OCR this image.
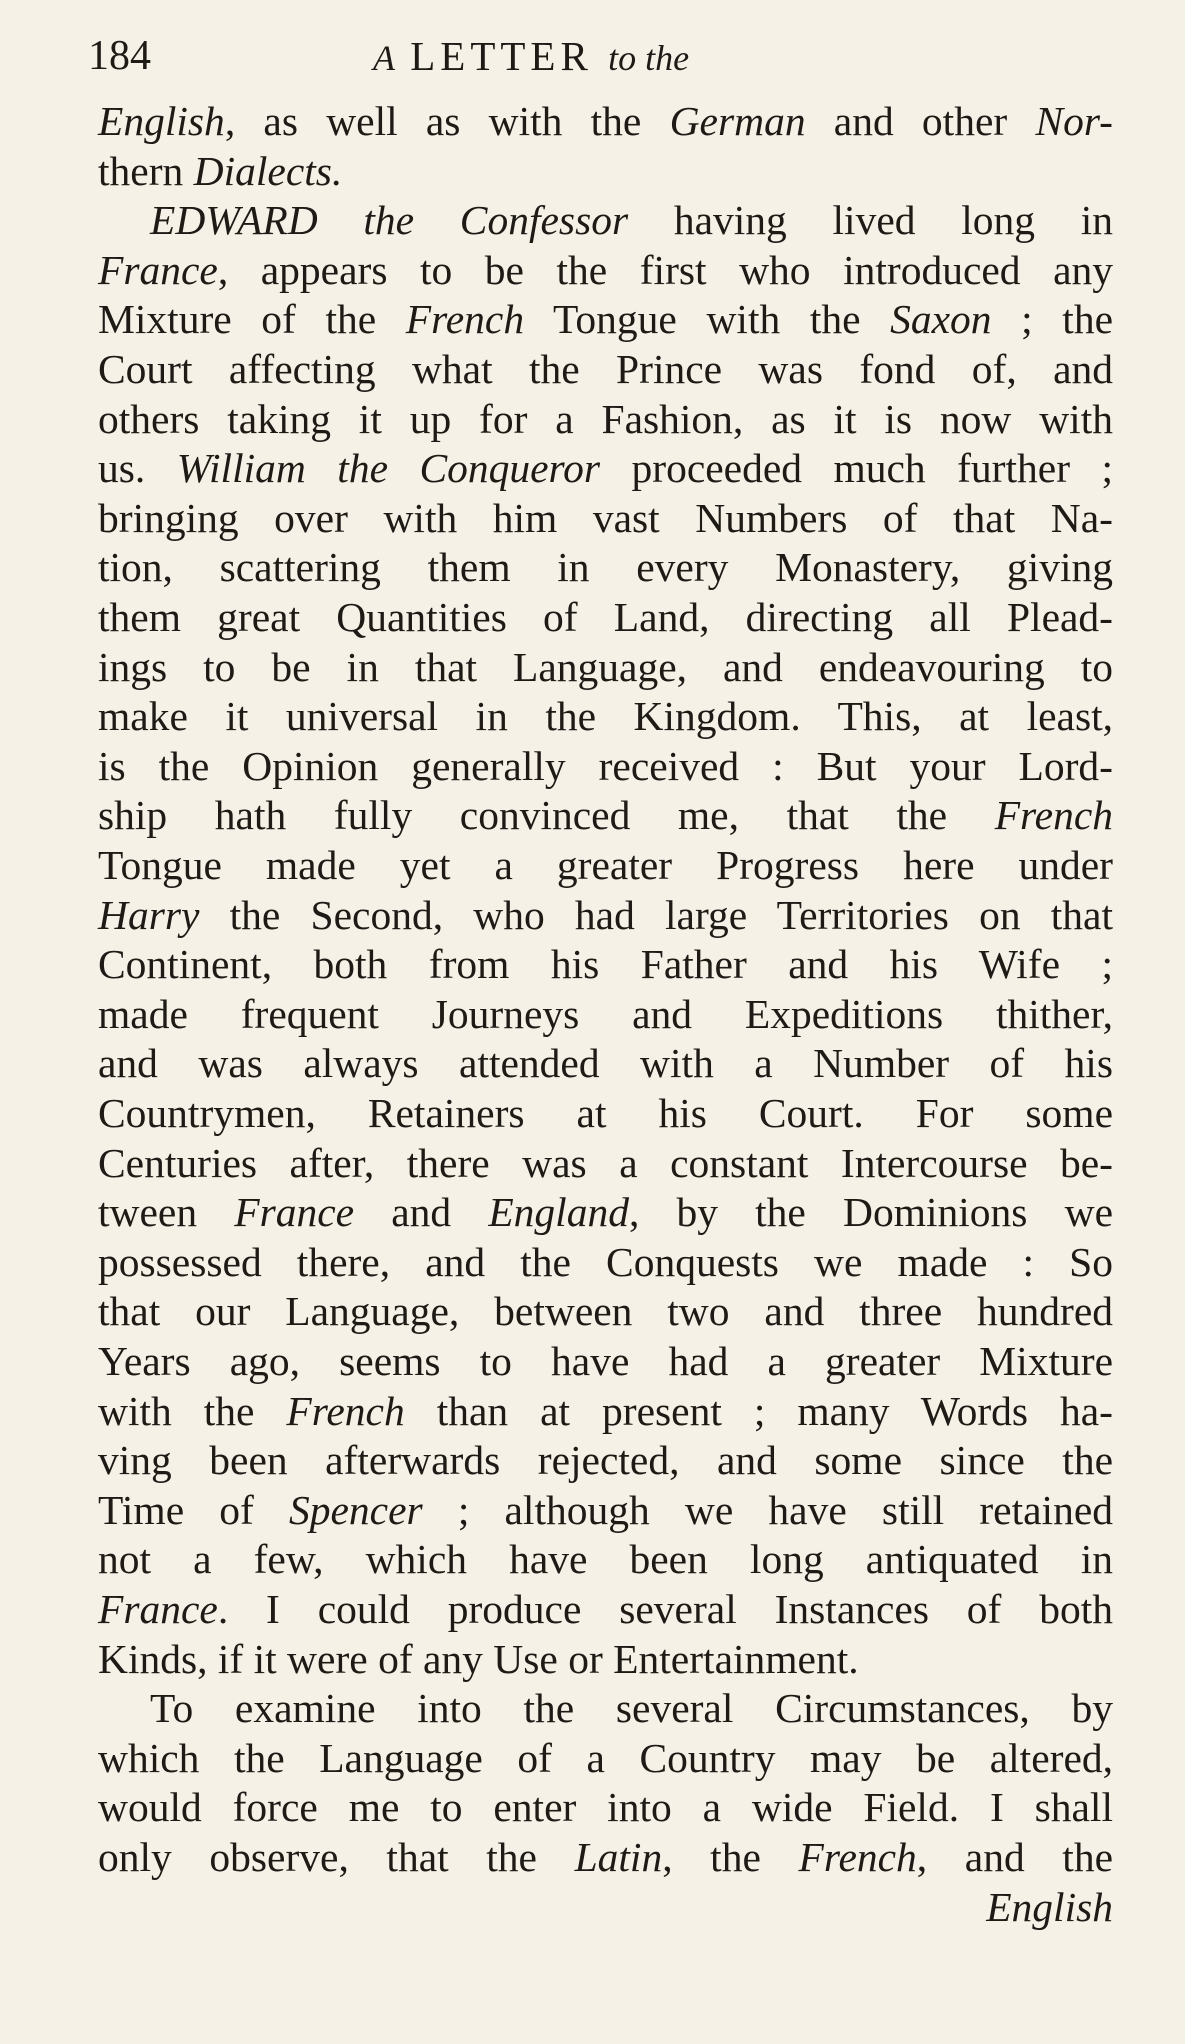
184	A LETTER to the
English, as well as with the German and other Nor-
thern Dialects.
EDWARD the Confessor having lived long in
France, appears to be the first who introduced any
Mixture of the French Tongue with the Saxon ; the
Court affecting what the Prince was fond of, and
others taking it up for a Fashion, as it is now with
us. William the Conqueror proceeded much further ;
bringing over with him vast Numbers of that Na-
tion, scattering them in every Monastery, giving
them great Quantities of Land, directing all Plead-
ings to be in that Language, and endeavouring to
make it universal in the Kingdom. This, at least,
is the Opinion generally received : But your Lord-
ship hath fully convinced me, that the French
Tongue made yet a greater Progress here under
Harry the Second, who had large Territories on that
Continent, both from his Father and his Wife ;
made frequent Journeys and Expeditions thither,
and was always attended with a Number of his
Countrymen, Retainers at his Court. For some
Centuries after, there was a constant Intercourse be-
tween France and England, by the Dominions we
possessed there, and the Conquests we made : So
that our Language, between two and three hundred
Years ago, seems to have had a greater Mixture
with the French than at present ; many Words ha-
ving been afterwards rejected, and some since the
Time of Spencer ; although we have still retained
not a few, which have been long antiquated in
France. I could produce several Instances of both
Kinds, if it were of any Use or Entertainment.
To examine into the several Circumstances, by
which the Language of a Country may be altered,
would force me to enter into a wide Field. I shall
only observe, that the Latin, the French, and the
English
